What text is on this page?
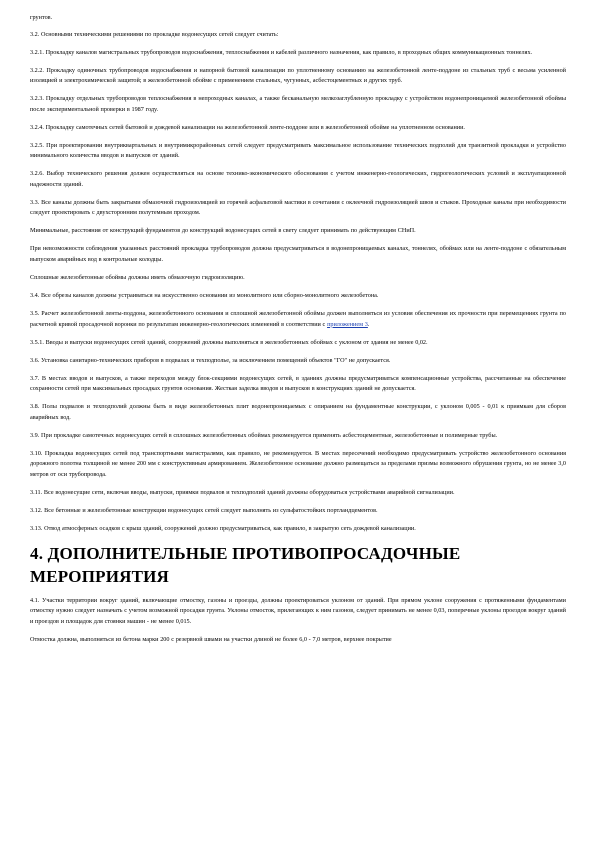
грунтов.

3.2. Основными техническими решениями по прокладке водонесущих сетей следует считать:

3.2.1. Прокладку каналов магистральных трубопроводов водоснабжения, теплоснабжения и кабелей различного назначения, как правило, в проходных общих коммуникационных тоннелях.

3.2.2. Прокладку одиночных трубопроводов водоснабжения и напорной бытовой канализации по уплотненному основанию на железобетонной ленте-поддоне из стальных труб с весьма усиленной изоляцией и электрохимической защитой; в железобетонной обойме с применением стальных, чугунных, асбестоцементных и других труб.

3.2.3. Прокладку отдельных трубопроводов теплоснабжения в непроходных каналах, а также бесканальную мелкозаглубленную прокладку с устройством водонепроницаемой железобетонной обоймы после экспериментальной проверки в 1987 году.

3.2.4. Прокладку самотечных сетей бытовой и дождевой канализации на железобетонной ленте-поддоне или в железобетонной обойме на уплотненном основании.

3.2.5. При проектировании внутриквартальных и внутримикрорайонных сетей следует предусматривать максимальное использование технических подполий для транзитной прокладки и устройство минимального количества вводов и выпусков от зданий.

3.2.6. Выбор технического решения должен осуществляться на основе технико-экономического обоснования с учетом инженерно-геологических, гидрогеологических условий и эксплуатационной надежности зданий.

3.3. Все каналы должны быть закрытыми обмазочной гидроизоляцией из горячей асфальтовой мастики в сочетании с оклеечной гидроизоляцией швов и стыков. Проходные каналы при необходимости следует проектировать с двухсторонним полутемным проходом.

Минимальные, расстояния от конструкций фундаментов до конструкций водонесущих сетей в свету следует принимать по действующим СНиП.

При невозможности соблюдения указанных расстояний прокладка трубопроводов должна предусматриваться в водонепроницаемых каналах, тоннелях, обоймах или на ленте-поддоне с обязательным выпуском аварийных вод в контрольные колодцы.

Сплошные железобетонные обоймы должны иметь обмазочную гидроизоляцию.

3.4. Все обрезы каналов должны устраиваться на искусственно основании из монолитного или сборно-монолитного железобетона.

3.5. Расчет железобетонной ленты-поддона, железобетонного основания и сплошной железобетонной обоймы должен выполняться из условия обеспечения их прочности при перемещениях грунта по расчетной кривой просадочной воронки по результатам инженерно-геологических изменений в соответствии с приложением 3.

3.5.1. Вводы и выпуски водонесущих сетей зданий, сооружений должны выполняться в железобетонных обоймах с уклоном от здания не менее 0,02.

3.6. Установка санитарно-технических приборов в подвалах и техподполье, за исключением помещений объектов "ГО" не допускается.

3.7. В местах вводов и выпусков, а также переходов между блок-секциями водонесущих сетей, в зданиях должны предусматриваться компенсационные устройства, рассчитанные на обеспечение сохранности сетей при максимальных просадках грунтов основания. Жесткая заделка вводов и выпусков в конструкциях зданий не допускается.

3.8. Полы подвалов и техподполий должны быть в виде железобетонных плит водонепроницаемых с опиранием на фундаментные конструкции, с уклоном 0,005 - 0,01 к приямкам для сборов аварийных вод.

3.9. При прокладке самотечных водонесущих сетей в сплошных железобетонных обоймах рекомендуется применять асбестоцементные, железобетонные и полимерные трубы.

3.10. Прокладка водонесущих сетей под транспортными магистралями, как правило, не рекомендуется. В местах пересечений необходимо предусматривать устройство железобетонного основания дорожного полотна толщиной не менее 200 мм с конструктивным армированием. Железобетонное основание должно размещаться за пределами призмы возможного обрушения грунта, но не менее 3,0 метров от оси трубопровода.

3.11. Все водонесущие сети, включая вводы, выпуски, приямки подвалов и техподполий зданий должны оборудоваться устройствами аварийной сигнализации.

3.12. Все бетонные и железобетонные конструкции водонесущих сетей следует выполнять из сульфатостойких портландцементов.

3.13. Отвод атмосферных осадков с крыш зданий, сооружений должно предусматриваться, как правило, в закрытую сеть дождевой канализации.

4. ДОПОЛНИТЕЛЬНЫЕ ПРОТИВОПРОСАДОЧНЫЕ МЕРОПРИЯТИЯ

4.1. Участки территории вокруг зданий, включающие отмостку, газоны и проезды, должны проектироваться уклоном от зданий. При прямом уклоне сооружения с протяженными фундаментами отмостку нужно следует назначать с учетом возможной просадки грунта. Уклоны отмосток, прилегающих к ним газонов, следует принимать не менее 0,03, поперечные уклоны проездов вокруг зданий и проездов и площадок для стоянки машин - не менее 0,015.

Отмостка должна, выполняться из бетона марки 200 с резервной швами на участки длиной не более 6,0 - 7,0 метров, верхнее покрытие
